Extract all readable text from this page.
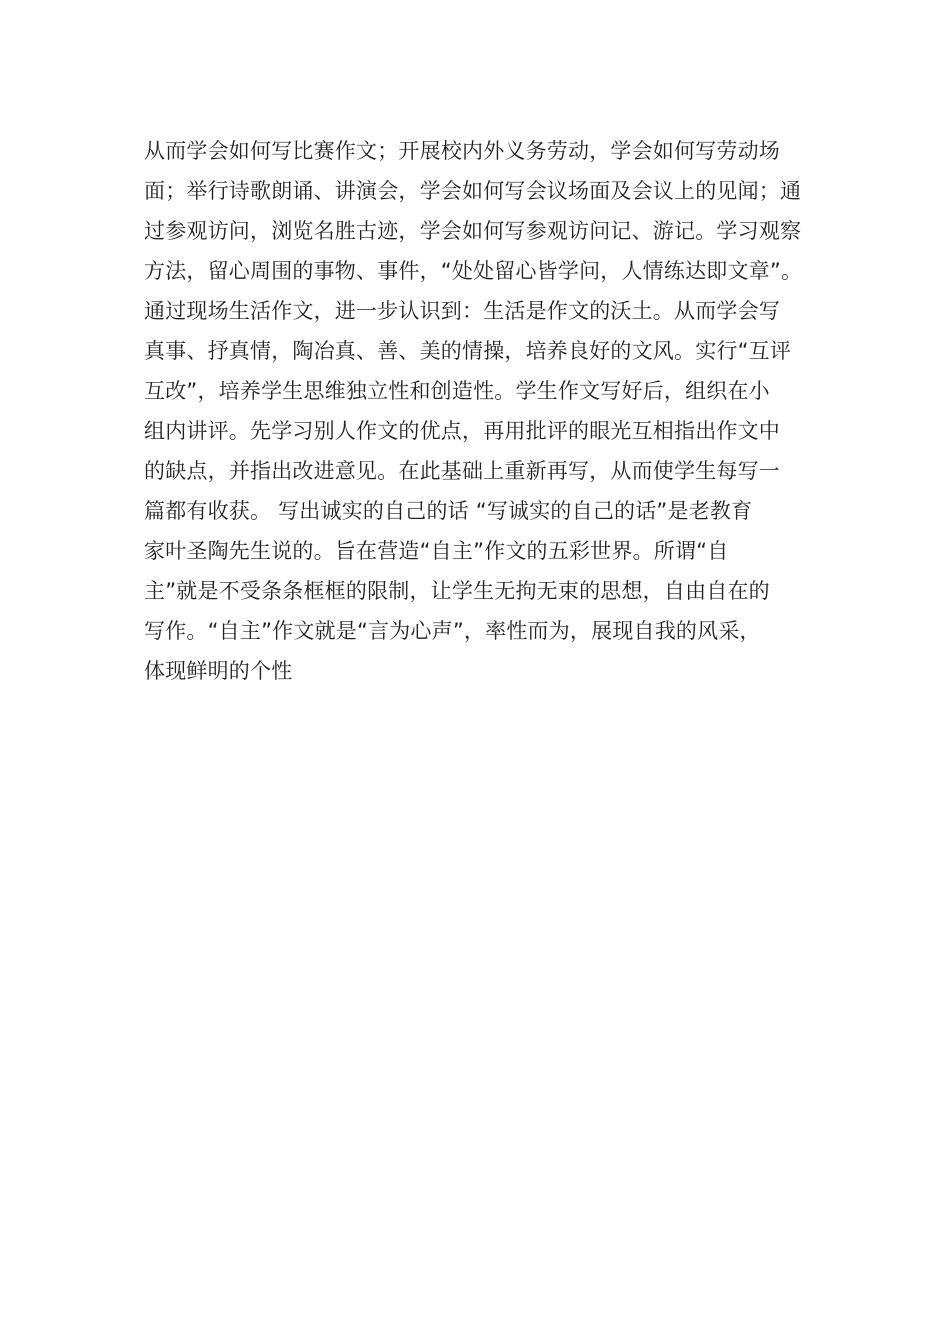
从而学会如何写比赛作文；开展校内外义务劳动，学会如何写劳动场
面；举行诗歌朗诵、讲演会，学会如何写会议场面及会议上的见闻；通
过参观访问，浏览名胜古迹，学会如何写参观访问记、游记。学习观察
方法，留心周围的事物、事件，“处处留心皆学问，人情练达即文章”。
通过现场生活作文，进一步认识到：生活是作文的沃土。从而学会写
真事、抒真情，陶冶真、善、美的情操，培养良好的文风。实行“互评
互改”，培养学生思维独立性和创造性。学生作文写好后，组织在小
组内讲评。先学习别人作文的优点，再用批评的眼光互相指出作文中
的缺点，并指出改进意见。在此基础上重新再写，从而使学生每写一
篇都有收获。 写出诚实的自己的话 “写诚实的自己的话”是老教育
家叶圣陶先生说的。旨在营造“自主”作文的五彩世界。所谓“自
主”就是不受条条框框的限制，让学生无拘无束的思想，自由自在的
写作。“自主”作文就是“言为心声”，率性而为，展现自我的风采，
体现鲜明的个性
